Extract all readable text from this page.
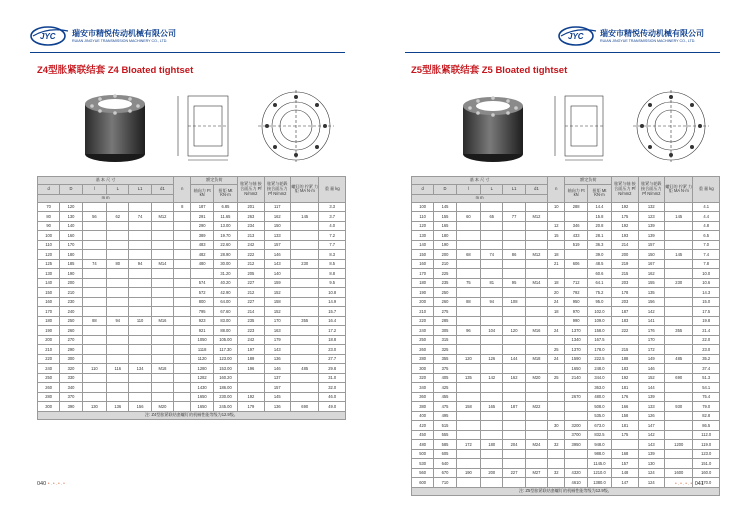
JYC 瑞安市精悦传动机械有限公司
RUIAN JINGYUE TRANSMISSION MACHINERY CO., LTD.
Z4型胀紧联结套 Z4 Bloated tightset
基 本 尺 寸						n	额定负荷		胀紧与轴 接合面压力 Pf N/mm2	胀紧与轮毂 接合面压力 Pf N/mm2	螺钉的 拧紧 力矩 MA N·m	重 量 kg
d	D	l	L	L1	d1		轴向力 Ft kN	扭矩 Mt KN·m				
m m												
70	120					8	187	6.85	201	117		3.3
80	130	56	62	74	M12		291	11.65	263	162	145	3.7
90	140						290	13.00	234	150		4.0
100	160						389	19.70	213	133		7.2
110	170						483	22.60	242	157		7.7
120	180						482	28.90	222	146		8.3
125	185	74	80	94	M14		480	30.00	212	143	230	8.5
130	190							31.20	205	140		8.8
140	200						574	40.20	227	159		9.5
150	210						572	42.90	212	152		10.8
160	230						800	64.00	227	158		14.9
170	240						795	67.60	214	152		15.7
180	250	88	94	110	M16		923	83.00	235	170	355	16.4
190	260						921	88.00	223	163		17.2
200	270						1050	105.00	242	179		18.8
210	290						1118	117.30	197	143		23.0
220	300						1120	123.00	189	136		27.7
240	320	110	116	134	M18		1280	153.00	196	146	485	29.8
250	330						1282	160.20		137		31.0
260	340						1430	186.00		157		32.0
280	370						1650	230.00	192	145		46.0
300	390	130	136	156	M20		1650	245.00	179	136	690	49.0
注: Z4型胀紧联结套螺钉的机械性能等级为12.9级。												
040 •.•.•.•
JYC 瑞安市精悦传动机械有限公司
RUIAN JINGYUE TRANSMISSION MACHINERY CO., LTD.
Z5型胀紧联结套 Z5 Bloated tightset
基 本 尺 寸						n	额定负荷		胀紧与轴 接合面压力 Pf N/mm2	胀紧与轮毂 接合面压力 Pf N/mm2	螺钉的 拧紧 力矩 MA N·m	重 量 kg
d	D	l	L	L1	d1		轴向力 Ft kN	扭矩 Mt KN·m				
m m												
100	145					10	288	14.4	192	132		4.1
110	155	60	65	77	M12			15.8	175	123	145	4.4
120	165					12	346	20.8	192	139		4.8
130	180					15	433	28.1	193	139		6.5
140	190						519	36.3	214	157		7.0
150	200	68	74	86	M12	18		39.0	200	150	145	7.4
160	210					21	606	48.5	219	167		7.8
170	225							60.6	215	162		10.0
180	235	75	81	95	M14	18	712	64.1	203	155	230	10.6
190	250					20	792	75.2	178	135		14.3
200	260	88	94	108		24	950	95.0	203	156		15.0
210	275					18	970	102.0	187	142		17.5
220	285						990	109.0	183	141		19.8
240	305	96	104	120	M16	24	1370	158.0	222	176	355	21.4
250	315						1340	167.5		170		22.0
260	325					25	1370	178.0	215	172		23.0
280	355	120	126	144	M18	24	1590	222.5	188	149	485	35.2
300	375						1650	248.0	183	146		37.4
320	405	135	142	162	M20	25	2140	344.0	192	152	690	51.3
340	425							363.0	181	144		54.1
360	455						2670	480.0	176	139		75.4
380	475	158	165	187	M22			508.0	166	133	930	79.0
400	495							535.0	158	126		82.8
420	515					30	3200	673.0	181	147		86.5
450	555						3700	832.5	175	142		112.0
480	585	172	180	204	M24	32	3950	948.0		143	1200	119.0
500	605							988.0	168	139		123.0
530	640							1145.0	157	130		151.0
560	670	190	200	227	M27	32	4320	1210.0	148	124	1600	160.0
600	710						4610	1380.0	147	124		170.0
注: Z5型胀紧联结套螺钉的机械性能等级为12.9级。												
•.•.•.• 041
